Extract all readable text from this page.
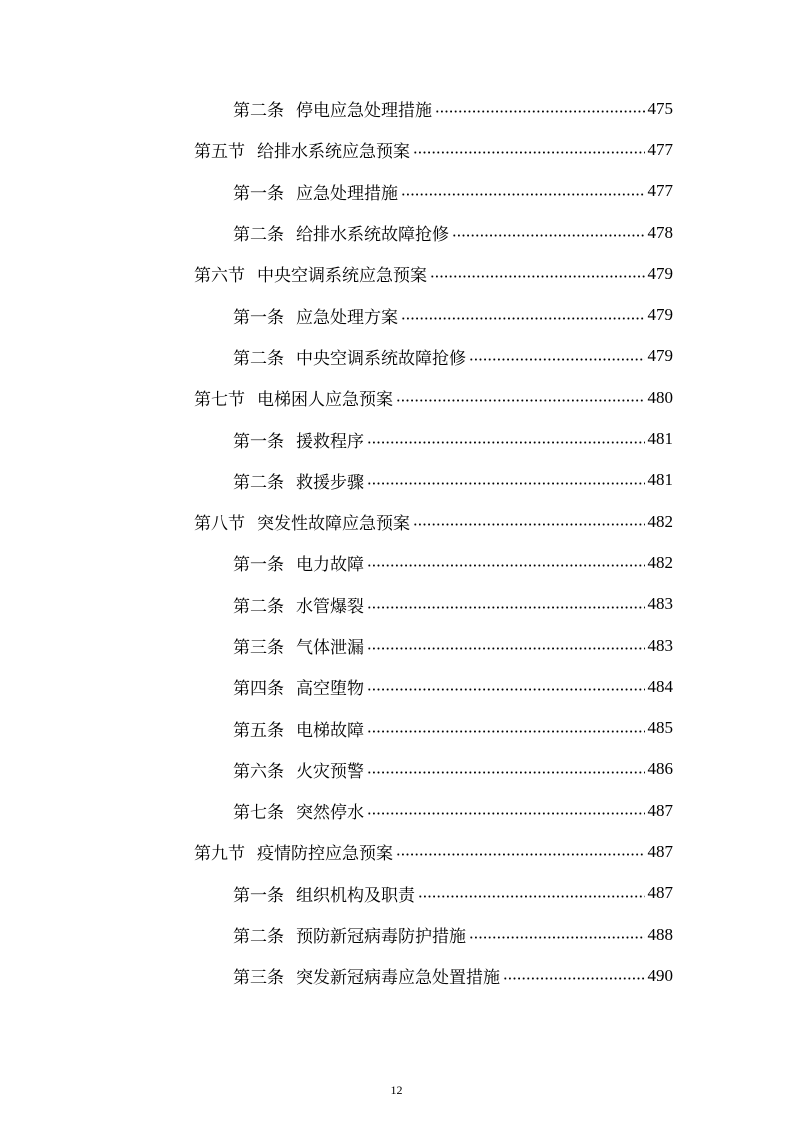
第二条 停电应急处理措施	475
第五节 给排水系统应急预案	477
第一条 应急处理措施	477
第二条 给排水系统故障抢修	478
第六节 中央空调系统应急预案	479
第一条 应急处理方案	479
第二条 中央空调系统故障抢修	479
第七节 电梯困人应急预案	480
第一条 援救程序	481
第二条 救援步骤	481
第八节 突发性故障应急预案	482
第一条 电力故障	482
第二条 水管爆裂	483
第三条 气体泄漏	483
第四条 高空堕物	484
第五条 电梯故障	485
第六条 火灾预警	486
第七条 突然停水	487
第九节 疫情防控应急预案	487
第一条 组织机构及职责	487
第二条 预防新冠病毒防护措施	488
第三条 突发新冠病毒应急处置措施	490
12
